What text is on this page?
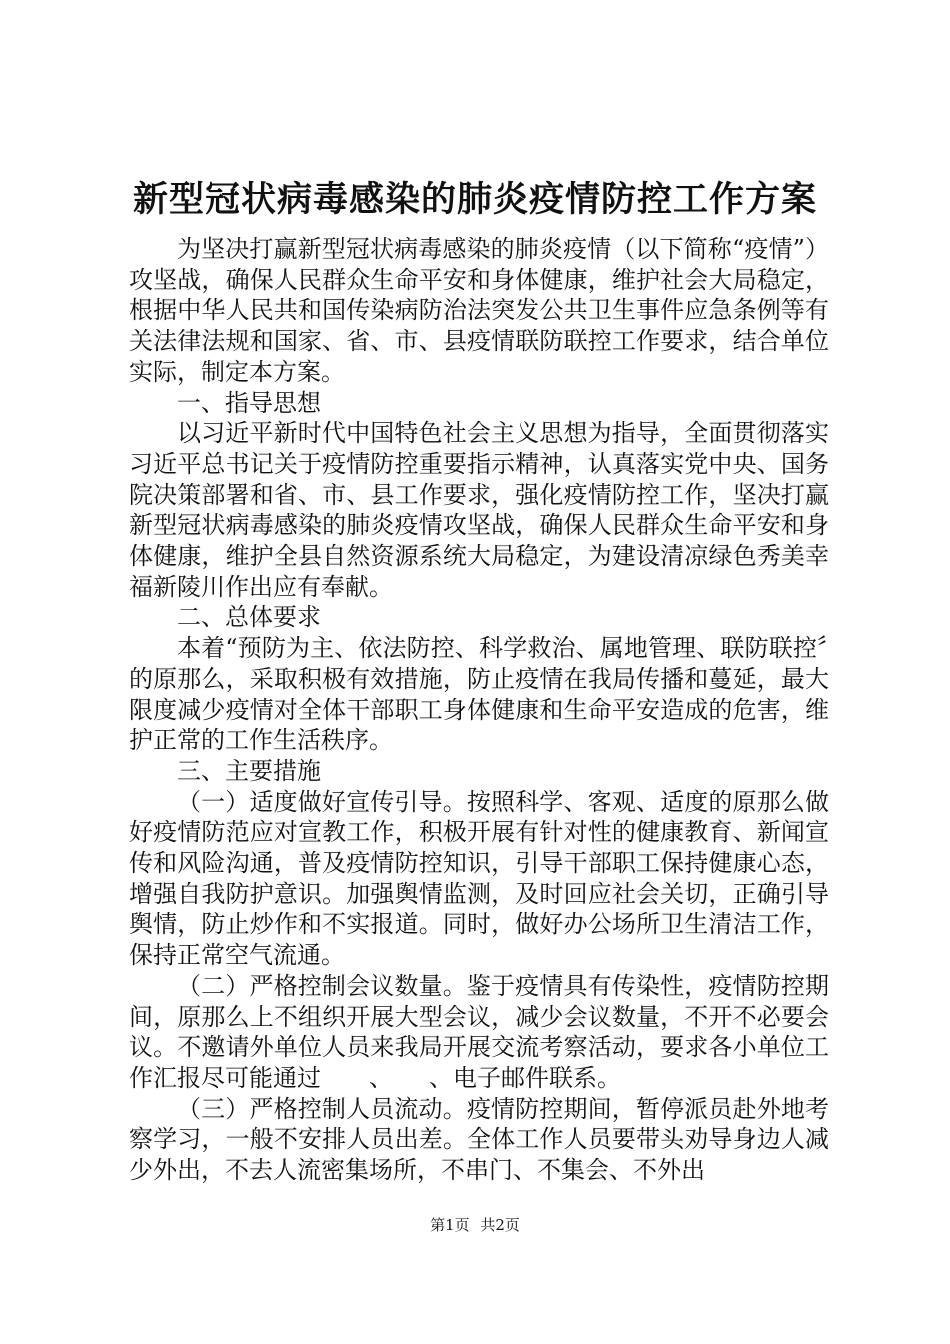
新型冠状病毒感染的肺炎疫情防控工作方案

为坚决打赢新型冠状病毒感染的肺炎疫情（以下简称“疫情”）攻坚战，确保人民群众生命平安和身体健康，维护社会大局稳定，根据中华人民共和国传染病防治法突发公共卫生事件应急条例等有关法律法规和国家、省、市、县疫情联防联控工作要求，结合单位实际，制定本方案。

一、指导思想

以习近平新时代中国特色社会主义思想为指导，全面贯彻落实习近平总书记关于疫情防控重要指示精神，认真落实党中央、国务院决策部署和省、市、县工作要求，强化疫情防控工作，坚决打赢新型冠状病毒感染的肺炎疫情攻坚战，确保人民群众生命平安和身体健康，维护全县自然资源系统大局稳定，为建设清凉绿色秀美幸福新陵川作出应有奉献。

二、总体要求

本着“预防为主、依法防控、科学救治、属地管理、联防联控〞的原那么，采取积极有效措施，防止疫情在我局传播和蔓延，最大限度减少疫情对全体干部职工身体健康和生命平安造成的危害，维护正常的工作生活秩序。

三、主要措施

（一）适度做好宣传引导。按照科学、客观、适度的原那么做好疫情防范应对宣教工作，积极开展有针对性的健康教育、新闻宣传和风险沟通，普及疫情防控知识，引导干部职工保持健康心态，增强自我防护意识。加强舆情监测，及时回应社会关切，正确引导舆情，防止炒作和不实报道。同时，做好办公场所卫生清洁工作，保持正常空气流通。

（二）严格控制会议数量。鉴于疫情具有传染性，疫情防控期间，原那么上不组织开展大型会议，减少会议数量，不开不必要会议。不邀请外单位人员来我局开展交流考察活动，要求各小单位工作汇报尽可能通过　　、　　、电子邮件联系。

（三）严格控制人员流动。疫情防控期间，暂停派员赴外地考察学习，一般不安排人员出差。全体工作人员要带头劝导身边人减少外出，不去人流密集场所，不串门、不集会、不外出

第1页 共2页
